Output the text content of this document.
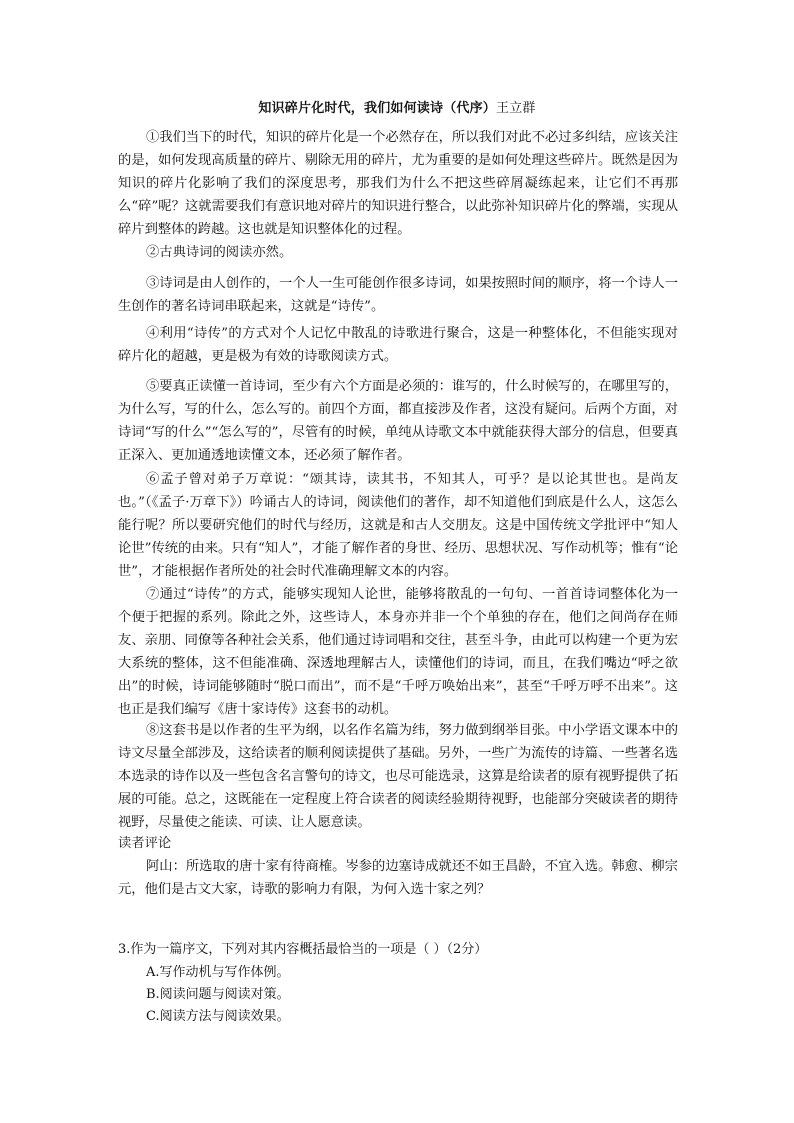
知识碎片化时代，我们如何读诗（代序）王立群
①我们当下的时代，知识的碎片化是一个必然存在，所以我们对此不必过多纠结，应该关注的是，如何发现高质量的碎片、剔除无用的碎片，尤为重要的是如何处理这些碎片。既然是因为知识的碎片化影响了我们的深度思考，那我们为什么不把这些碎屑凝练起来，让它们不再那么“碎”呢？这就需要我们有意识地对碎片的知识进行整合，以此弥补知识碎片化的弊端，实现从碎片到整体的跨越。这也就是知识整体化的过程。
②古典诗词的阅读亦然。
③诗词是由人创作的，一个人一生可能创作很多诗词，如果按照时间的顺序，将一个诗人一生创作的著名诗词串联起来，这就是“诗传”。
④利用“诗传”的方式对个人记忆中散乱的诗歌进行聚合，这是一种整体化，不但能实现对碎片化的超越，更是极为有效的诗歌阅读方式。
⑤要真正读懂一首诗词，至少有六个方面是必须的：谁写的，什么时候写的，在哪里写的，为什么写，写的什么，怎么写的。前四个方面，都直接涉及作者，这没有疑问。后两个方面，对诗词“写的什么”“怎么写的”，尽管有的时候，单纯从诗歌文本中就能获得大部分的信息，但要真正深入、更加通透地读懂文本，还必须了解作者。
⑥孟子曾对弟子万章说：“颂其诗，读其书，不知其人，可乎？是以论其世也。是尚友也。”（《孟子·万章下》）吟诵古人的诗词，阅读他们的著作，却不知道他们到底是什么人，这怎么能行呢？所以要研究他们的时代与经历，这就是和古人交朋友。这是中国传统文学批评中“知人论世”传统的由来。只有“知人”，才能了解作者的身世、经历、思想状况、写作动机等；惟有“论世”，才能根据作者所处的社会时代准确理解文本的内容。
⑦通过“诗传”的方式，能够实现知人论世，能够将散乱的一句句、一首首诗词整体化为一个便于把握的系列。除此之外，这些诗人，本身亦并非一个个单独的存在，他们之间尚存在师友、亲朋、同僚等各种社会关系，他们通过诗词唱和交往，甚至斗争，由此可以构建一个更为宏大系统的整体，这不但能准确、深透地理解古人，读懂他们的诗词，而且，在我们嘴边“呼之欲出”的时候，诗词能够随时“脱口而出”，而不是“千呼万唤始出来”，甚至“千呼万呼不出来”。这也正是我们编写《唐十家诗传》这套书的动机。
⑧这套书是以作者的生平为纲，以名作名篇为纬，努力做到纲举目张。中小学语文课本中的诗文尽量全部涉及，这给读者的顺利阅读提供了基础。另外，一些广为流传的诗篇、一些著名选本选录的诗作以及一些包含名言警句的诗文，也尽可能选录，这算是给读者的原有视野提供了拓展的可能。总之，这既能在一定程度上符合读者的阅读经验期待视野，也能部分突破读者的期待视野，尽量使之能读、可读、让人愿意读。
读者评论
阿山：所选取的唐十家有待商榷。岑参的边塞诗成就还不如王昌龄，不宜入选。韩愈、柳宗元，他们是古文大家，诗歌的影响力有限，为何入选十家之列？
3.作为一篇序文，下列对其内容概括最恰当的一项是（ ）（2分）
A.写作动机与写作体例。
B.阅读问题与阅读对策。
C.阅读方法与阅读效果。
